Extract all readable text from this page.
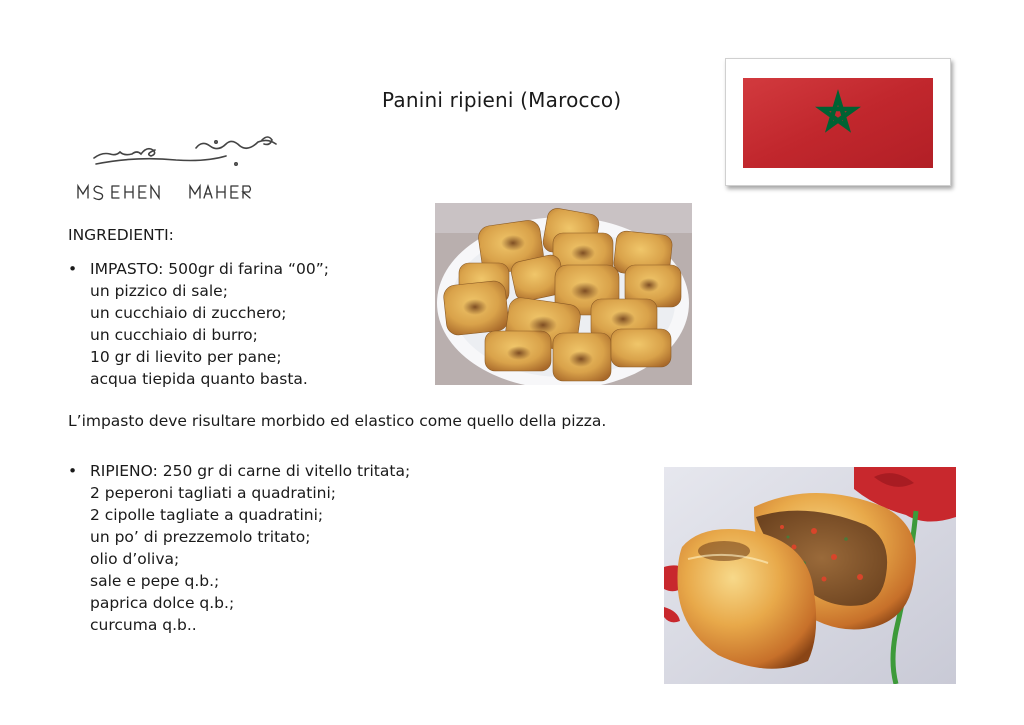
Panini ripieni (Marocco)
INGREDIENTI:
• IMPASTO: 500gr di farina “00”;
un pizzico di sale;
un cucchiaio di zucchero;
un cucchiaio di burro;
10 gr di lievito per pane;
acqua tiepida quanto basta.
L’impasto deve risultare morbido ed elastico come quello della pizza.
• RIPIENO: 250 gr di carne di vitello tritata;
2 peperoni tagliati a quadratini;
2 cipolle tagliate a quadratini;
un po’ di prezzemolo tritato;
olio d’oliva;
sale e pepe q.b.;
paprica dolce q.b.;
curcuma q.b..
